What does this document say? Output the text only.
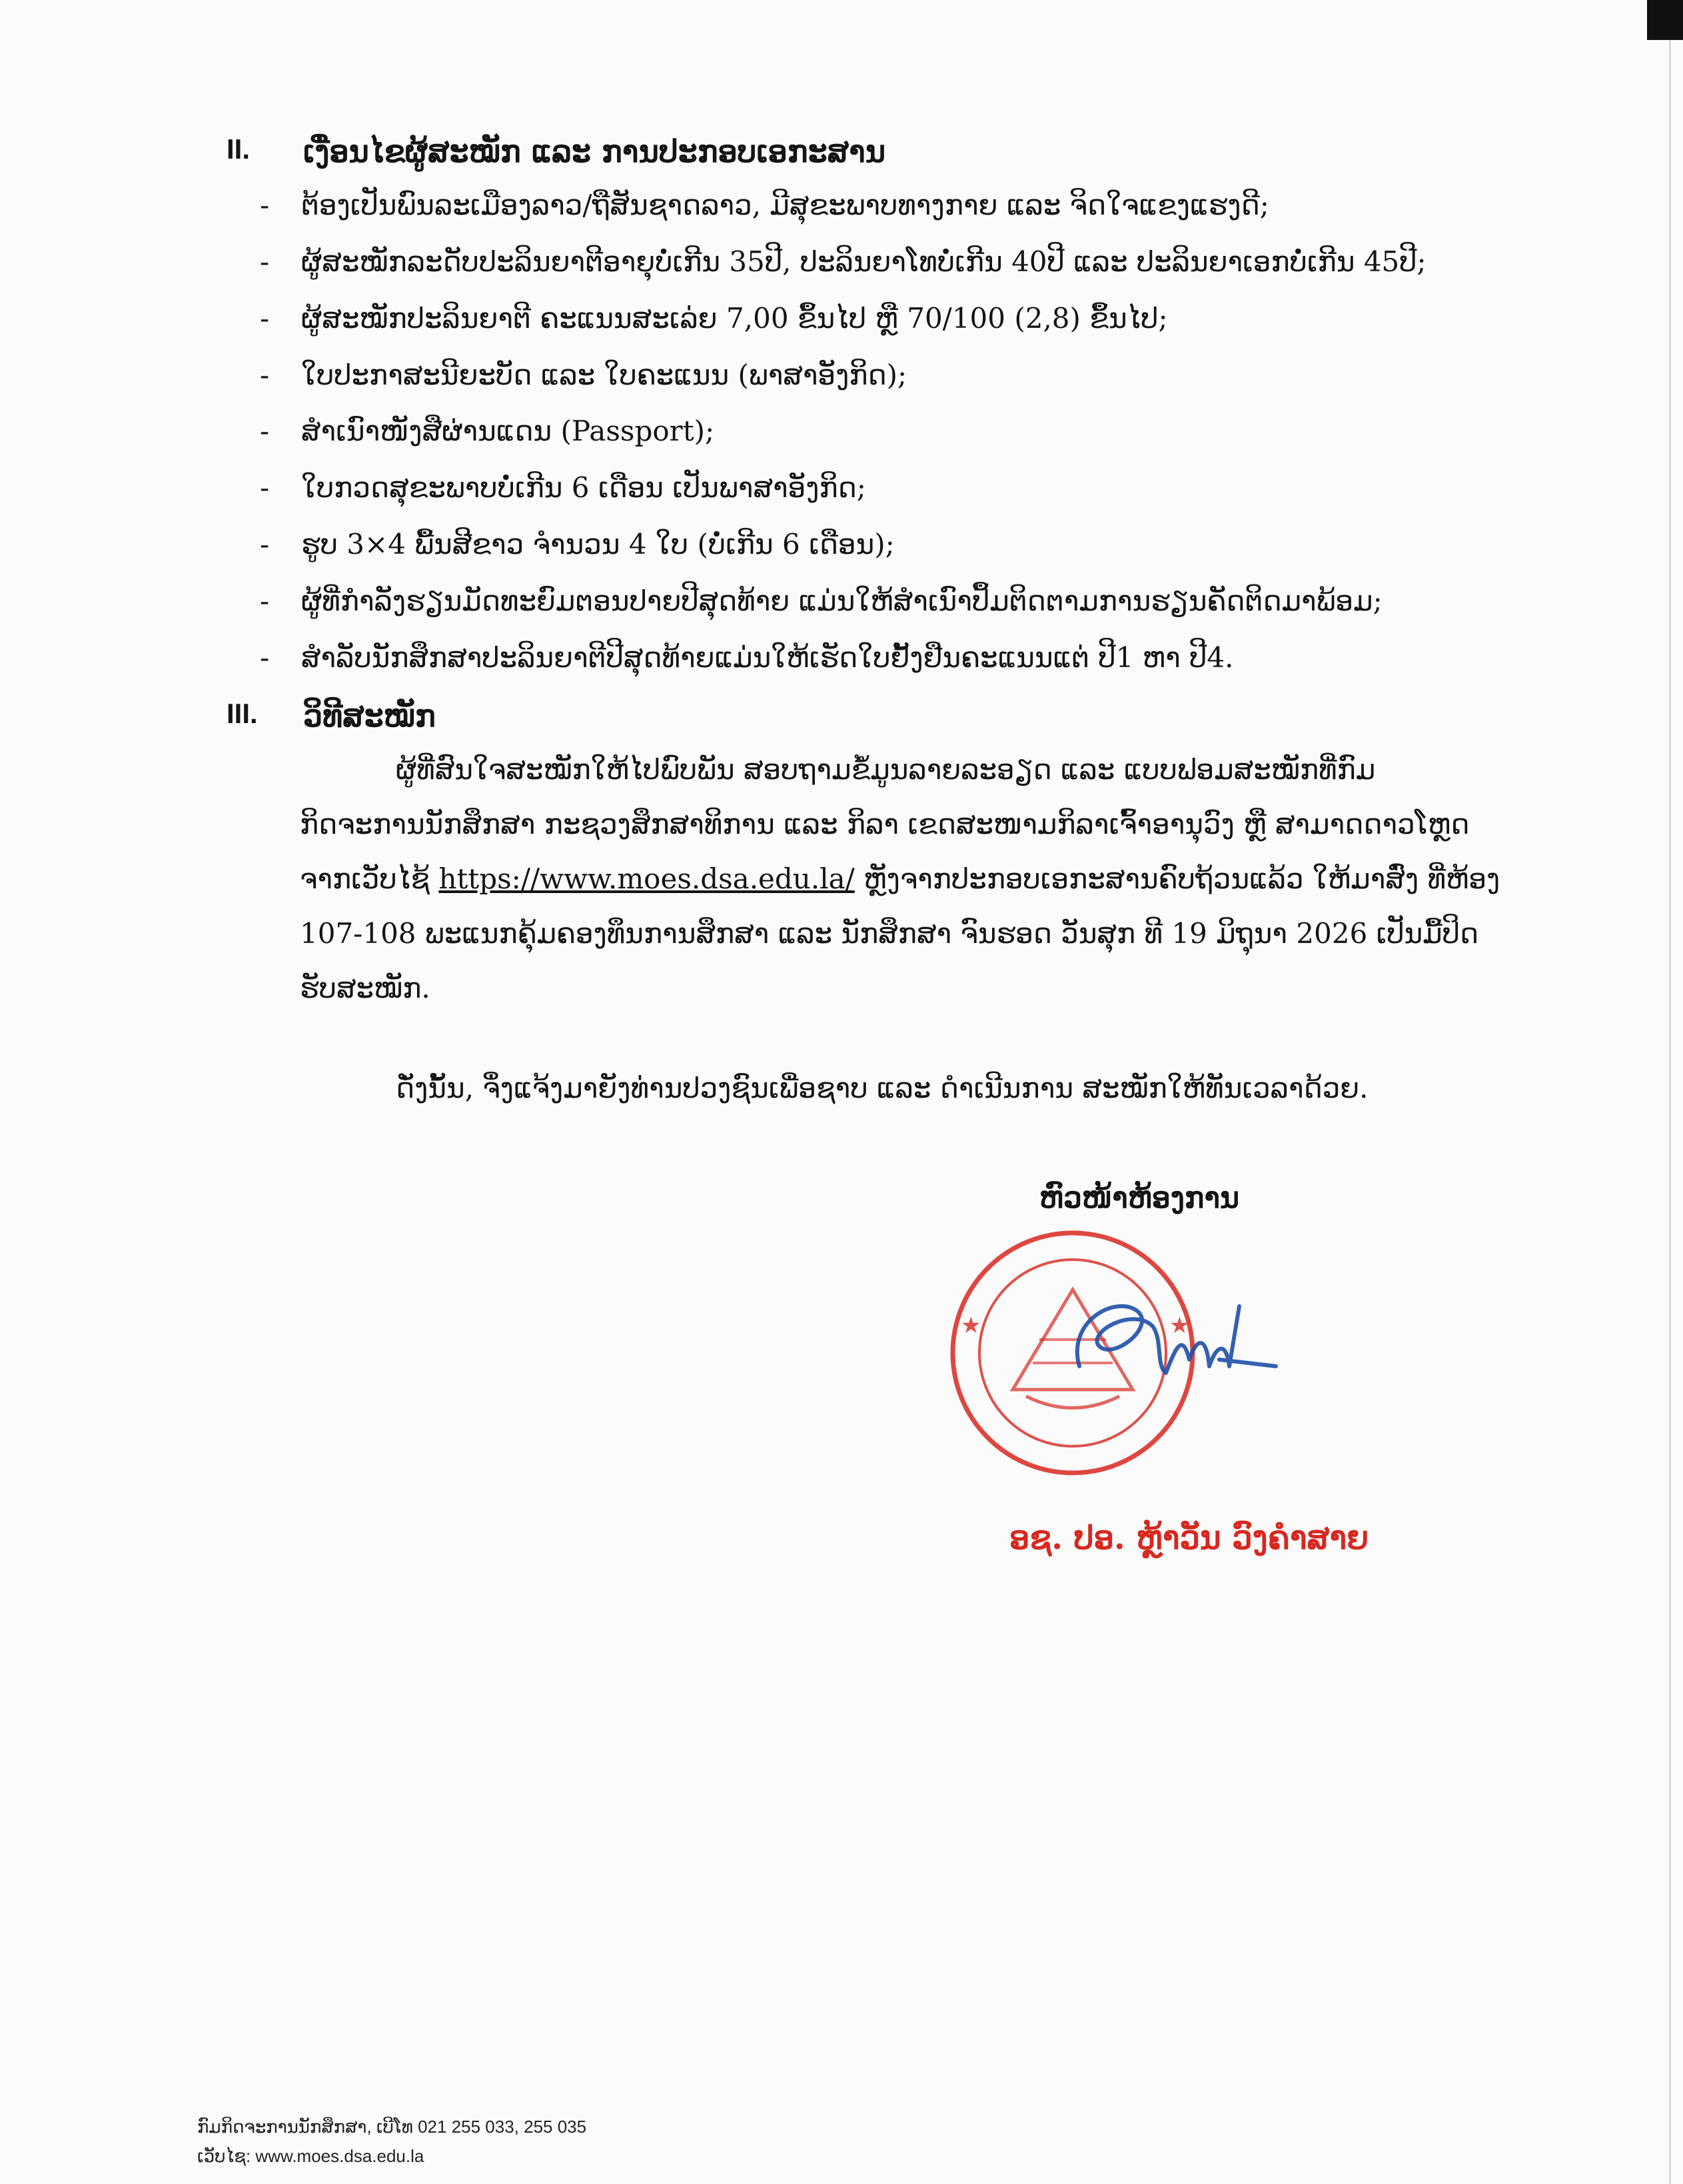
II. ເງື່ອນໄຂຜູ້ສະໝັກ ແລະ ການປະກອບເອກະສານ
- ຕ້ອງເປັນພົນລະເມືອງລາວ/ຖືສັນຊາດລາວ, ມີສຸຂະພາບທາງກາຍ ແລະ ຈິດໃຈແຂງແຮງດີ;
- ຜູ້ສະໝັກລະດັບປະລິນຍາຕີອາຍຸບໍ່ເກີນ 35ປີ, ປະລິນຍາໂທບໍ່ເກີນ 40ປີ ແລະ ປະລິນຍາເອກບໍ່ເກີນ 45ປີ;
- ຜູ້ສະໝັກປະລິນຍາຕີ ຄະແນນສະເລ່ຍ 7,00 ຂຶ້ນໄປ ຫຼື 70/100 (2,8) ຂຶ້ນໄປ;
- ໃບປະກາສະນີຍະບັດ ແລະ ໃບຄະແນນ (ພາສາອັງກິດ);
- ສຳເນົາໜັງສືຜ່ານແດນ (Passport);
- ໃບກວດສຸຂະພາບບໍ່ເກີນ 6 ເດືອນ ເປັນພາສາອັງກິດ;
- ຮູບ 3×4 ພື້ນສີຂາວ ຈຳນວນ 4 ໃບ (ບໍ່ເກີນ 6 ເດືອນ);
- ຜູ້ທີ່ກຳລັງຮຽນມັດທະຍົມຕອນປາຍປີສຸດທ້າຍ ແມ່ນໃຫ້ສຳເນົາປຶ້ມຕິດຕາມການຮຽນຄັດຕິດມາພ້ອມ;
- ສຳລັບນັກສຶກສາປະລິນຍາຕີປີສຸດທ້າຍແມ່ນໃຫ້ເຮັດໃບຢັ້ງຢືນຄະແນນແຕ່ ປີ1 ຫາ ປີ4.
III. ວິທີສະໝັກ
ຜູ້ທີ່ສົນໃຈສະໝັກໃຫ້ໄປພົບພັນ ສອບຖາມຂໍ້ມູນລາຍລະອຽດ ແລະ ແບບຟອມສະໝັກທີ່ກົມ
ກິດຈະການນັກສຶກສາ ກະຊວງສຶກສາທິການ ແລະ ກິລາ ເຂດສະໜາມກິລາເຈົ້າອານຸວົງ ຫຼື ສາມາດດາວໂຫຼດ
ຈາກເວັບໄຊ້ https://www.moes.dsa.edu.la/ ຫຼັງຈາກປະກອບເອກະສານຄົບຖ້ວນແລ້ວ ໃຫ້ມາສົ່ງ ທີ່ຫ້ອງ
107-108 ພະແນກຄຸ້ມຄອງທຶນການສຶກສາ ແລະ ນັກສຶກສາ ຈົນຮອດ ວັນສຸກ ທີ 19 ມິຖຸນາ 2026 ເປັນມື້ປິດ
ຮັບສະໝັກ.
ດັ່ງນັ້ນ, ຈຶ່ງແຈ້ງມາຍັງທ່ານປວງຊົນເພື່ອຊາບ ແລະ ດຳເນີນການ ສະໝັກໃຫ້ທັນເວລາດ້ວຍ.
ຫົວໜ້າຫ້ອງການ
★	★
ອຊ. ປອ. ຫຼ້າວັນ ວົງຄຳສາຍ
ກົມກິດຈະການນັກສຶກສາ, ເບີໂທ 021 255 033, 255 035
ເວັບໄຊ: www.moes.dsa.edu.la
